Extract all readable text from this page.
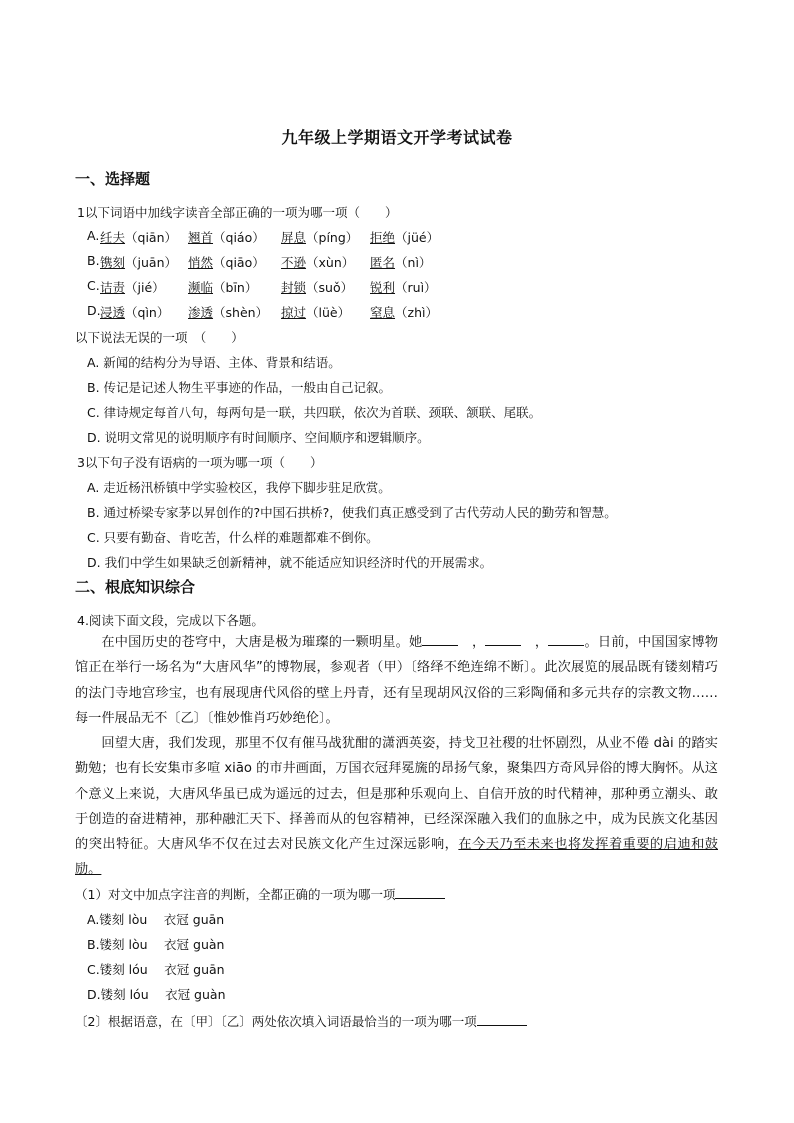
九年级上学期语文开学考试试卷
一、选择题
1以下词语中加线字读音全部正确的一项为哪一项（　　）
A. 纴夫（qiān） 翘首（qiáo） 屏息（píng） 拒绝（jüé）
B. 镌刻（juān） 悄然（qiāo） 不逊（xùn） 匿名（nì）
C. 诘责（jié） 濒临（bīn） 封锁（suǒ） 锐利（ruì）
D. 浸透（qìn） 渗透（shèn） 掠过（lüè） 窒息（zhì）
以下说法无误的一项　（　　）
A. 新闻的结构分为导语、主体、背景和结语。
B. 传记是记述人物生平事迹的作品，一般由自己记叙。
C. 律诗规定每首八句，每两句是一联，共四联，依次为首联、颈联、颔联、尾联。
D. 说明文常见的说明顺序有时间顺序、空间顺序和逻辑顺序。
3以下句子没有语病的一项为哪一项（　　）
A. 走近杨汛桥镇中学实验校区，我停下脚步驻足欣赏。
B. 通过桥梁专家茅以昇创作的?中国石拱桥?，使我们真正感受到了古代劳动人民的勤劳和智慧。
C. 只要有勤奋、肯吃苦，什么样的难题都难不倒你。
D. 我们中学生如果缺乏创新精神，就不能适应知识经济时代的开展需求。
二、根底知识综合
4.阅读下面文段，完成以下各题。

在中国历史的苍穹中，大唐是极为璀璨的一颗明星。她	　，	　，	。日前，中国国家博物馆正在举行一场名为“大唐风华”的博物展，参观者（甲）〔络绎不绝连绵不断〕。此次展览的展品既有镂刻精巧的法门寺地宫珍宝，也有展现唐代风俗的壁上丹青，还有呈现胡风汉俗的三彩陶俑和多元共存的宗教文物……每一件展品无不〔乙〕〔惟妙惟肖巧妙绝伦〕。

回望大唐，我们发现，那里不仅有催马战犹酣的潇洒英姿，持戈卫社稷的壮怀剧烈，从业不倦 dài 的踏实勤勉；也有长安集市多喧 xiāo 的市井画面，万国衣冠拜冕旒的昂扬气象，聚集四方奇风异俗的博大胸怀。从这个意义上来说，大唐风华虽已成为遥远的过去，但是那种乐观向上、自信开放的时代精神，那种勇立潮头、敢于创造的奋进精神，那种融汇天下、择善而从的包容精神，已经深深融入我们的血脉之中，成为民族文化基因的突出特征。大唐风华不仅在过去对民族文化产生过深远影响，在今天乃至未来也将发挥着重要的启迪和鼓励。

（1）对文中加点字注音的判断，全都正确的一项为哪一项
A.镂刻 lòu　 衣冠 guān
B.镂刻 lòu　 衣冠 guàn
C.镂刻 lóu　 衣冠 guān
D.镂刻 lóu　 衣冠 guàn
〔2〕根据语意，在〔甲〕〔乙〕两处依次填入词语最恰当的一项为哪一项
